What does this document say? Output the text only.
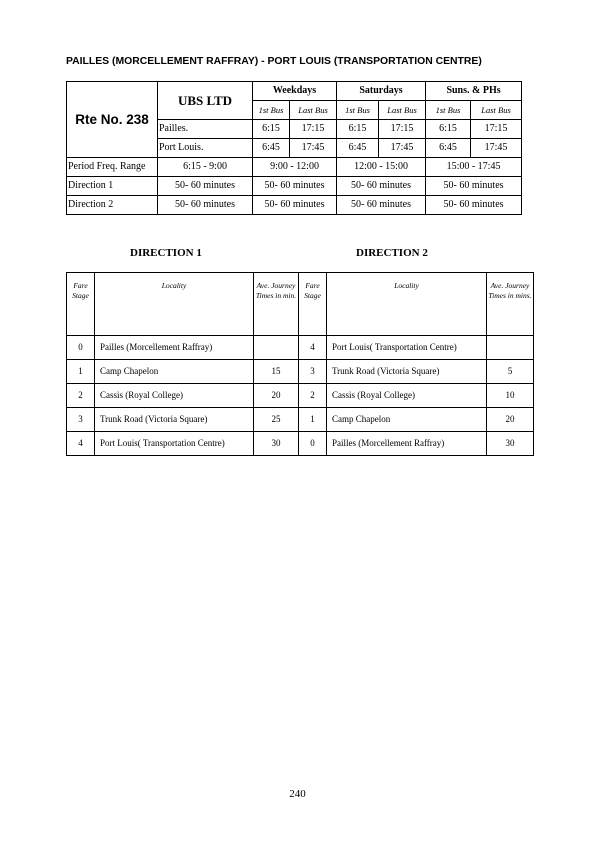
PAILLES (MORCELLEMENT RAFFRAY) - PORT LOUIS (TRANSPORTATION CENTRE)
Rte No. 238	UBS LTD	Weekdays		Saturdays		Suns. & PHs	
		1st Bus	Last Bus	1st Bus	Last Bus	1st Bus	Last Bus
	Pailles.	6:15	17:15	6:15	17:15	6:15	17:15
	Port Louis.	6:45	17:45	6:45	17:45	6:45	17:45
Period Freq. Range	6:15 - 9:00	9:00 - 12:00		12:00 - 15:00		15:00 - 17:45	
Direction 1	50- 60 minutes	50- 60 minutes		50- 60 minutes		50- 60 minutes	
Direction 2	50- 60 minutes	50- 60 minutes		50- 60 minutes		50- 60 minutes	
DIRECTION 1	DIRECTION 2
Fare Stage	Locality	Ave. Journey Times in min.	Fare Stage	Locality	Ave. Journey Times in mins.
0	Pailles (Morcellement Raffray)		4	Port Louis( Transportation Centre)	
1	Camp Chapelon	15	3	Trunk Road (Victoria Square)	5
2	Cassis (Royal College)	20	2	Cassis (Royal College)	10
3	Trunk Road (Victoria Square)	25	1	Camp Chapelon	20
4	Port Louis( Transportation Centre)	30	0	Pailles (Morcellement Raffray)	30
240
